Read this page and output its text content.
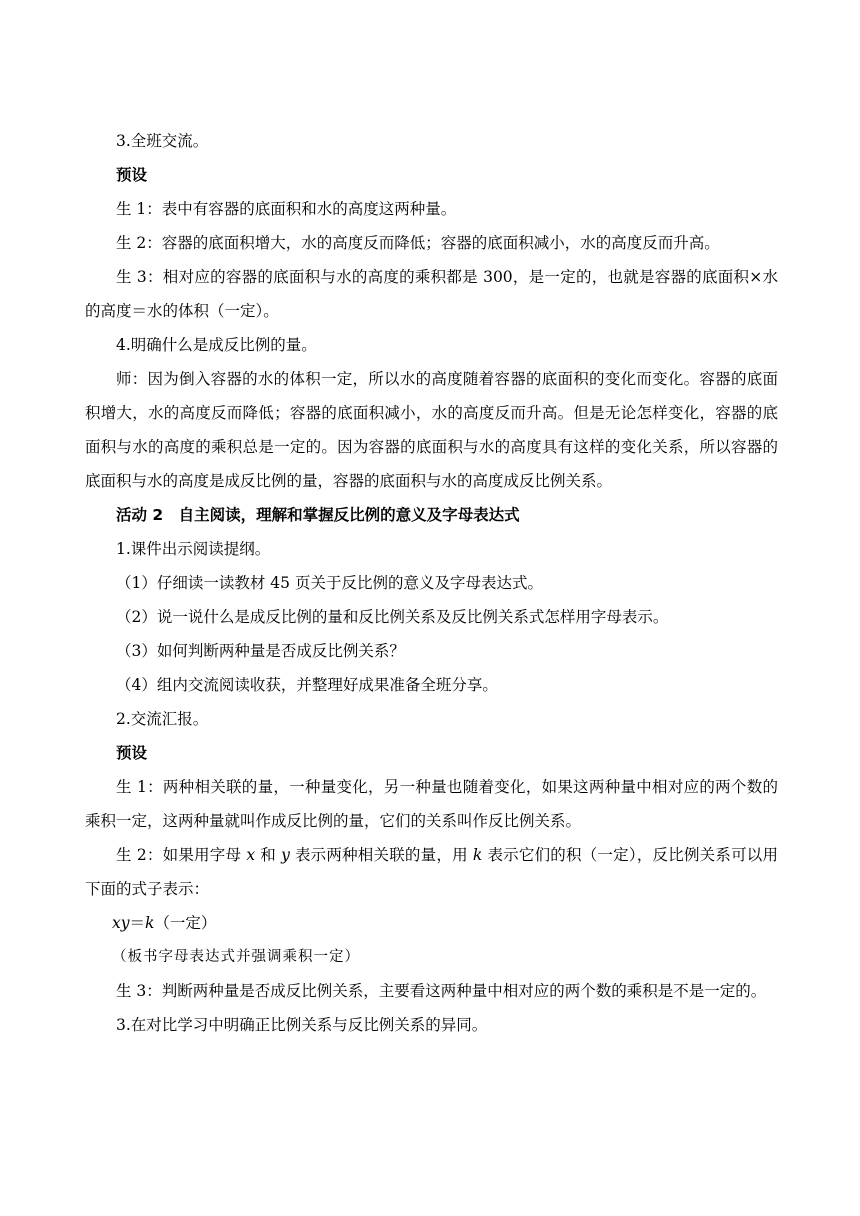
3.全班交流。

预设

生 1：表中有容器的底面积和水的高度这两种量。

生 2：容器的底面积增大，水的高度反而降低；容器的底面积减小，水的高度反而升高。

生 3：相对应的容器的底面积与水的高度的乘积都是 300，是一定的，也就是容器的底面积×水的高度＝水的体积（一定）。

4.明确什么是成反比例的量。

师：因为倒入容器的水的体积一定，所以水的高度随着容器的底面积的变化而变化。容器的底面积增大，水的高度反而降低；容器的底面积减小，水的高度反而升高。但是无论怎样变化，容器的底面积与水的高度的乘积总是一定的。因为容器的底面积与水的高度具有这样的变化关系，所以容器的底面积与水的高度是成反比例的量，容器的底面积与水的高度成反比例关系。

活动 2　自主阅读，理解和掌握反比例的意义及字母表达式

1.课件出示阅读提纲。

（1）仔细读一读教材 45 页关于反比例的意义及字母表达式。

（2）说一说什么是成反比例的量和反比例关系及反比例关系式怎样用字母表示。

（3）如何判断两种量是否成反比例关系？

（4）组内交流阅读收获，并整理好成果准备全班分享。

2.交流汇报。

预设

生 1：两种相关联的量，一种量变化，另一种量也随着变化，如果这两种量中相对应的两个数的乘积一定，这两种量就叫作成反比例的量，它们的关系叫作反比例关系。

生 2：如果用字母 x 和 y 表示两种相关联的量，用 k 表示它们的积（一定），反比例关系可以用下面的式子表示：

xy＝k（一定）

（板书字母表达式并强调乘积一定）

生 3：判断两种量是否成反比例关系，主要看这两种量中相对应的两个数的乘积是不是一定的。

3.在对比学习中明确正比例关系与反比例关系的异同。
